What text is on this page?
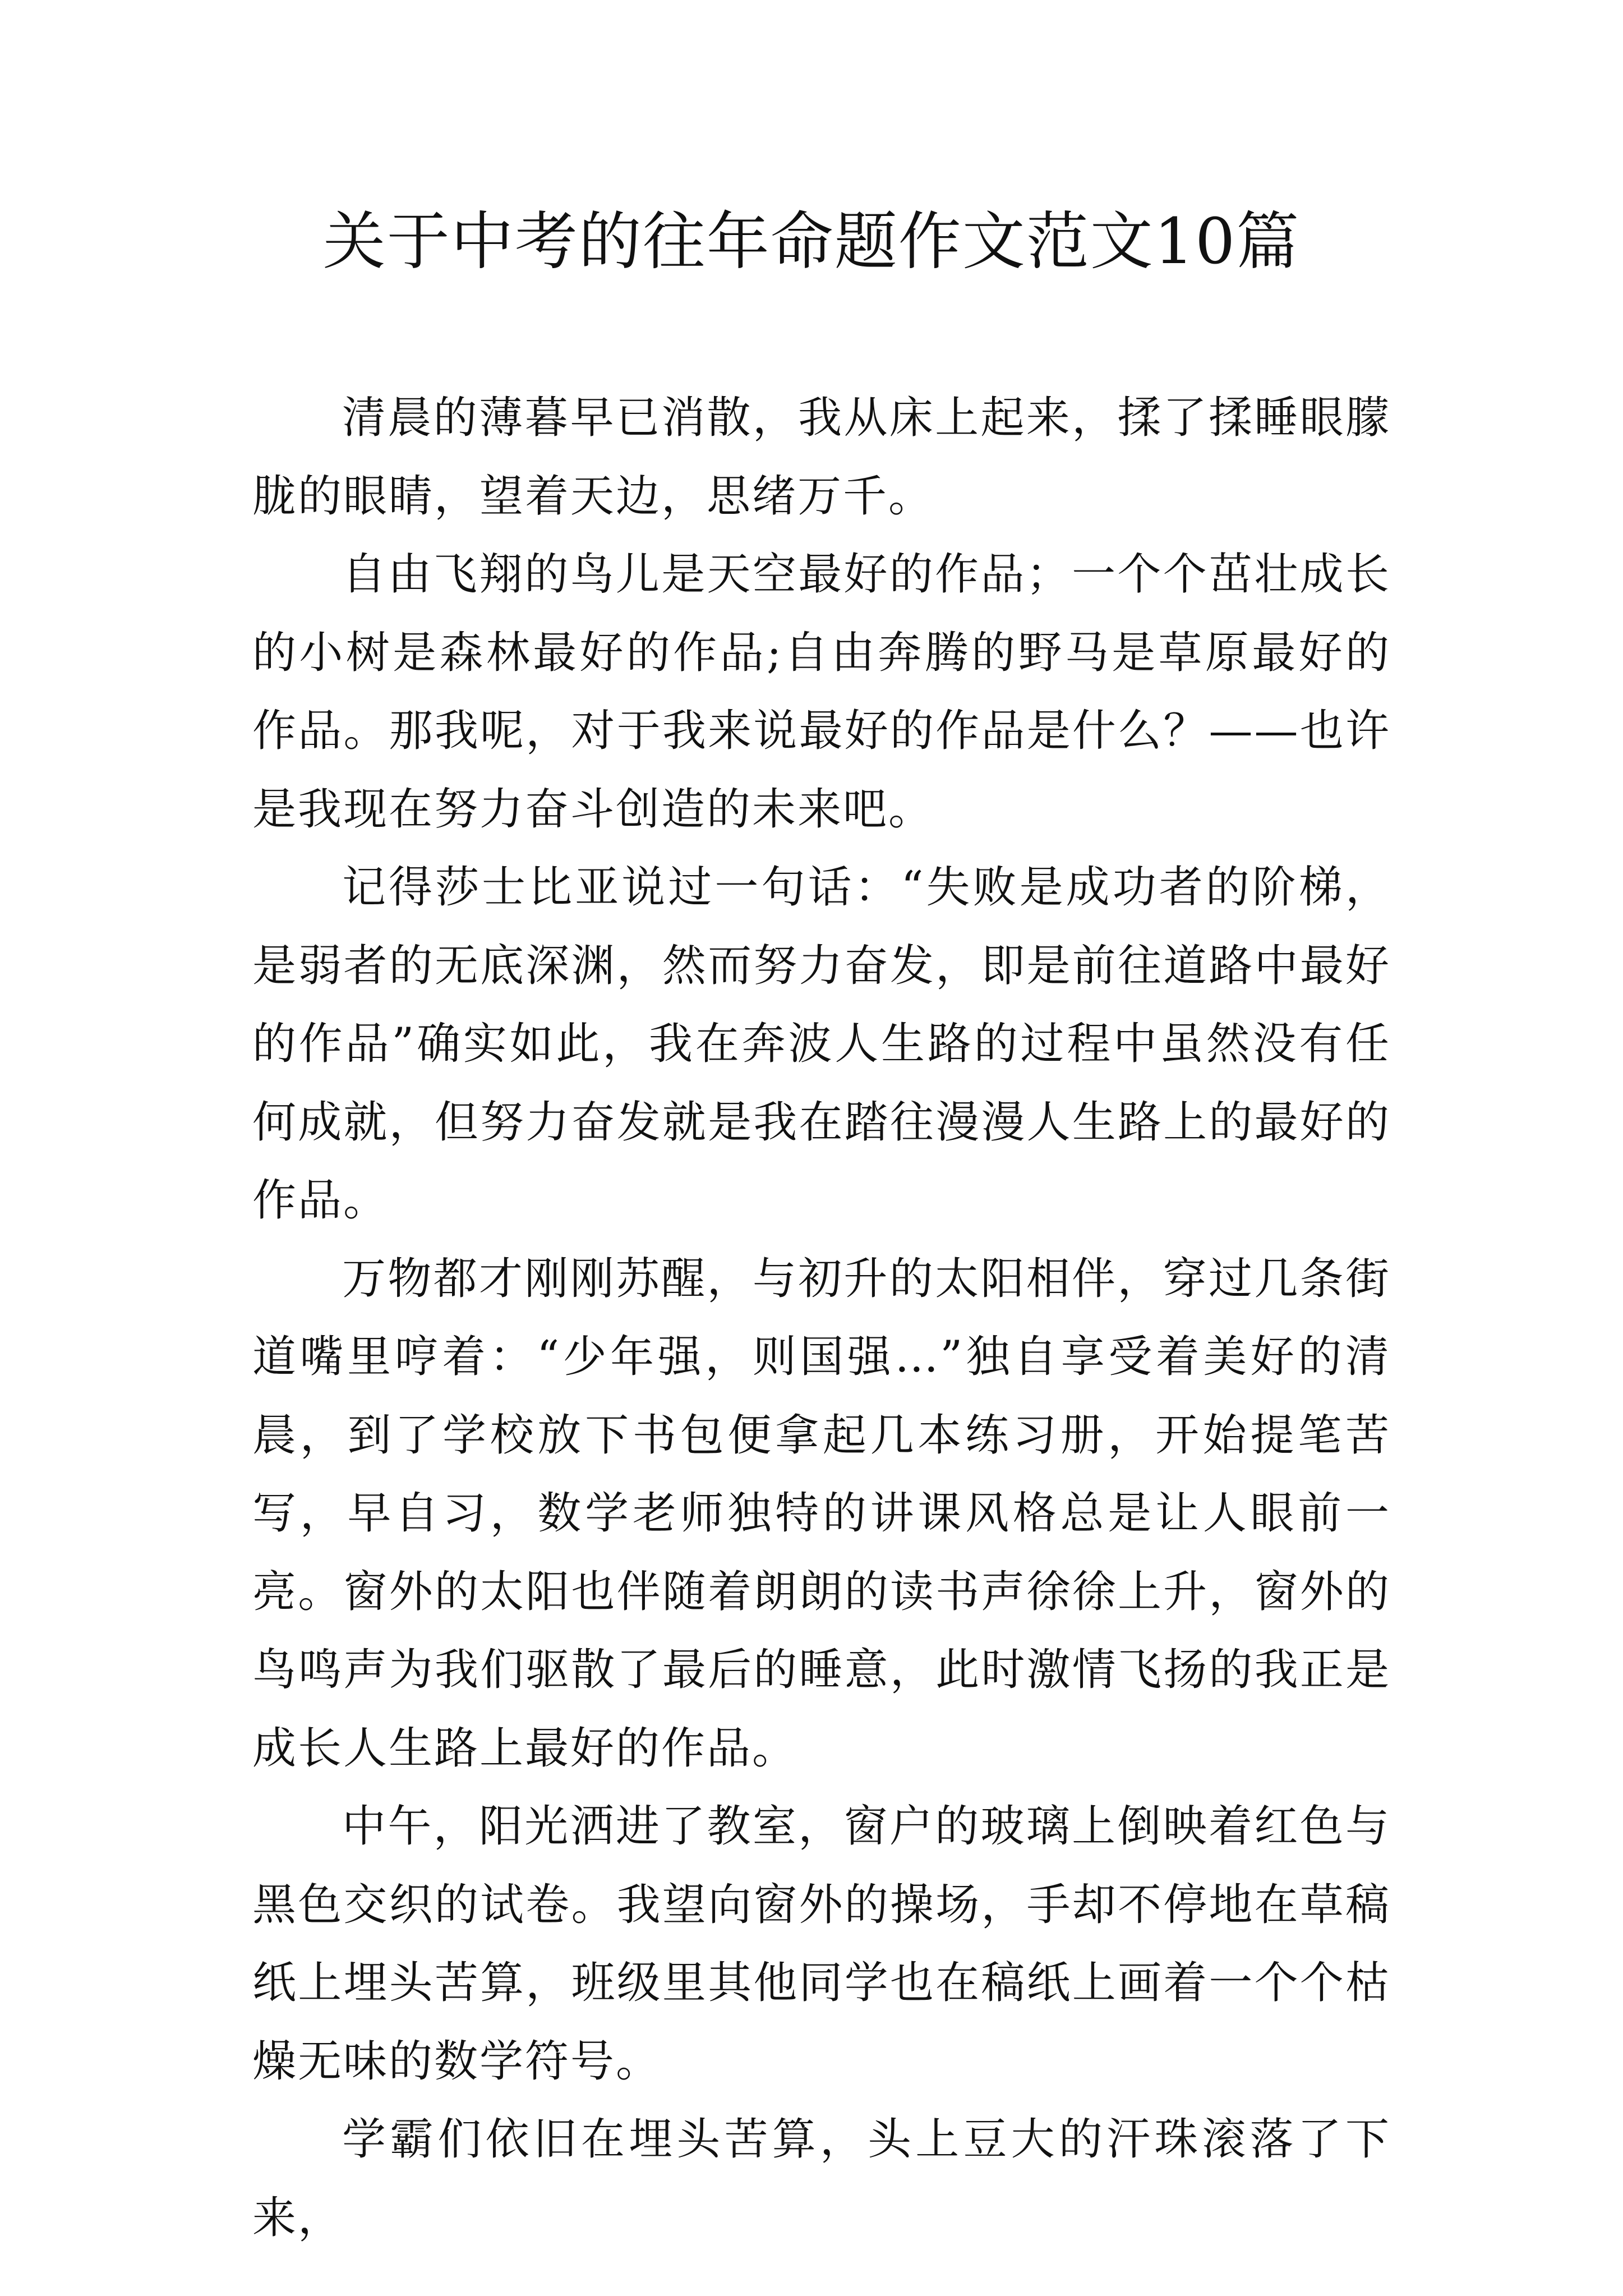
关于中考的往年命题作文范文10篇

清晨的薄暮早已消散，我从床上起来，揉了揉睡眼朦胧的眼睛，望着天边，思绪万千。

自由飞翔的鸟儿是天空最好的作品；一个个茁壮成长的小树是森林最好的作品;自由奔腾的野马是草原最好的作品。那我呢，对于我来说最好的作品是什么？——也许是我现在努力奋斗创造的未来吧。

记得莎士比亚说过一句话：“失败是成功者的阶梯，是弱者的无底深渊，然而努力奋发，即是前往道路中最好的作品”确实如此，我在奔波人生路的过程中虽然没有任何成就，但努力奋发就是我在踏往漫漫人生路上的最好的作品。

万物都才刚刚苏醒，与初升的太阳相伴，穿过几条街道嘴里哼着：“少年强，则国强…”独自享受着美好的清晨，到了学校放下书包便拿起几本练习册，开始提笔苦写，早自习，数学老师独特的讲课风格总是让人眼前一亮。窗外的太阳也伴随着朗朗的读书声徐徐上升，窗外的鸟鸣声为我们驱散了最后的睡意，此时激情飞扬的我正是成长人生路上最好的作品。

中午，阳光洒进了教室，窗户的玻璃上倒映着红色与黑色交织的试卷。我望向窗外的操场，手却不停地在草稿纸上埋头苦算，班级里其他同学也在稿纸上画着一个个枯燥无味的数学符号。

学霸们依旧在埋头苦算，头上豆大的汗珠滚落了下来，
